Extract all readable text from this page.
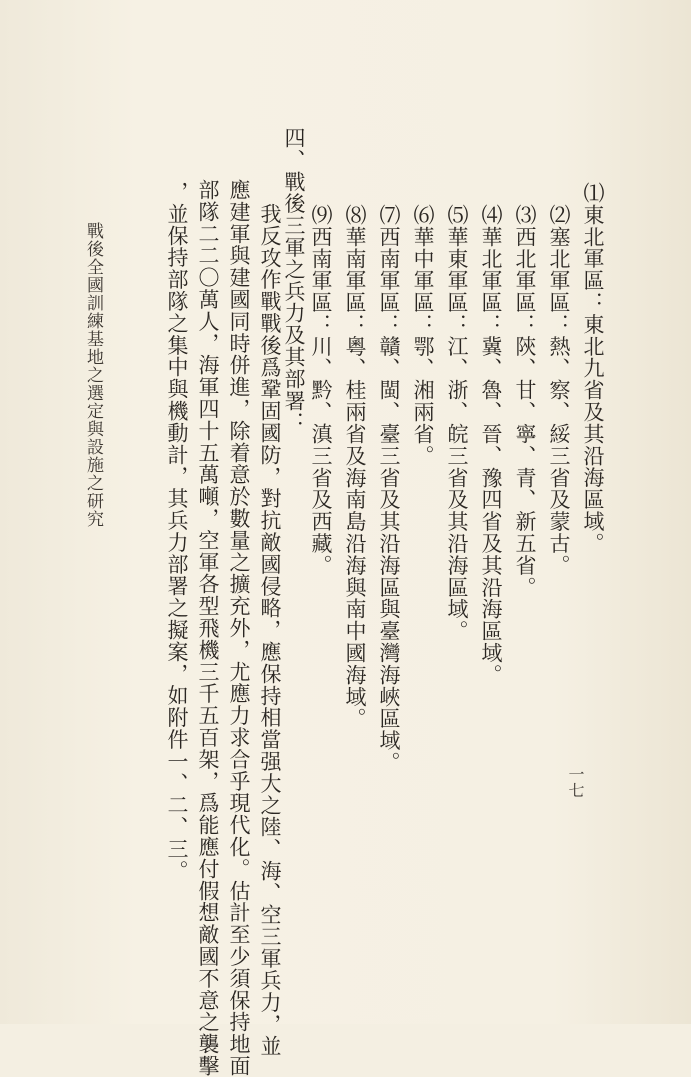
⑴東北軍區：東北九省及其沿海區域。
⑵塞北軍區：熱、察、綏三省及蒙古。
⑶西北軍區：陝、甘、寧、青、新五省。
⑷華北軍區：冀、魯、晉、豫四省及其沿海區域。
⑸華東軍區：江、浙、皖三省及其沿海區域。
⑹華中軍區：鄂、湘兩省。
⑺西南軍區：贛、閩、臺三省及其沿海區與臺灣海峽區域。
⑻華南軍區：粵、桂兩省及海南島沿海與南中國海域。
⑼西南軍區：川、黔、滇三省及西藏。
四、戰後三軍之兵力及其部署：
我反攻作戰戰後爲鞏固國防，對抗敵國侵略，應保持相當强大之陸、海、空三軍兵力，並
應建軍與建國同時併進，除着意於數量之擴充外，尤應力求合乎現代化。估計至少須保持地面
部隊二二〇萬人，海軍四十五萬噸，空軍各型飛機三千五百架，爲能應付假想敵國不意之襲擊
，並保持部隊之集中與機動計，其兵力部署之擬案，如附件一、二、三。
戰後全國訓練基地之選定與設施之研究
一七
